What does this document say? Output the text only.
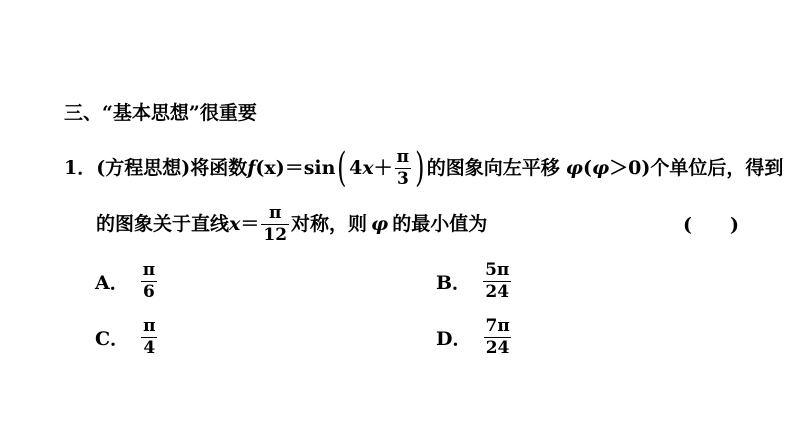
三、“基本思想”很重要
1． (方程思想) 将函数 f (x) ＝sin ( 4 $x + \frac{\pi}{3}$ ) 的图象向左平移 φ ( φ ＞0) 个单位后，得到
的图象关于直线 $x = \frac{\pi}{12}$ 对称，则 φ 的最小值为	(　　)
A． $\frac{\pi}{6}$	B． $\frac{5\pi}{24}$
C． $\frac{\pi}{4}$	D． $\frac{7\pi}{24}$
